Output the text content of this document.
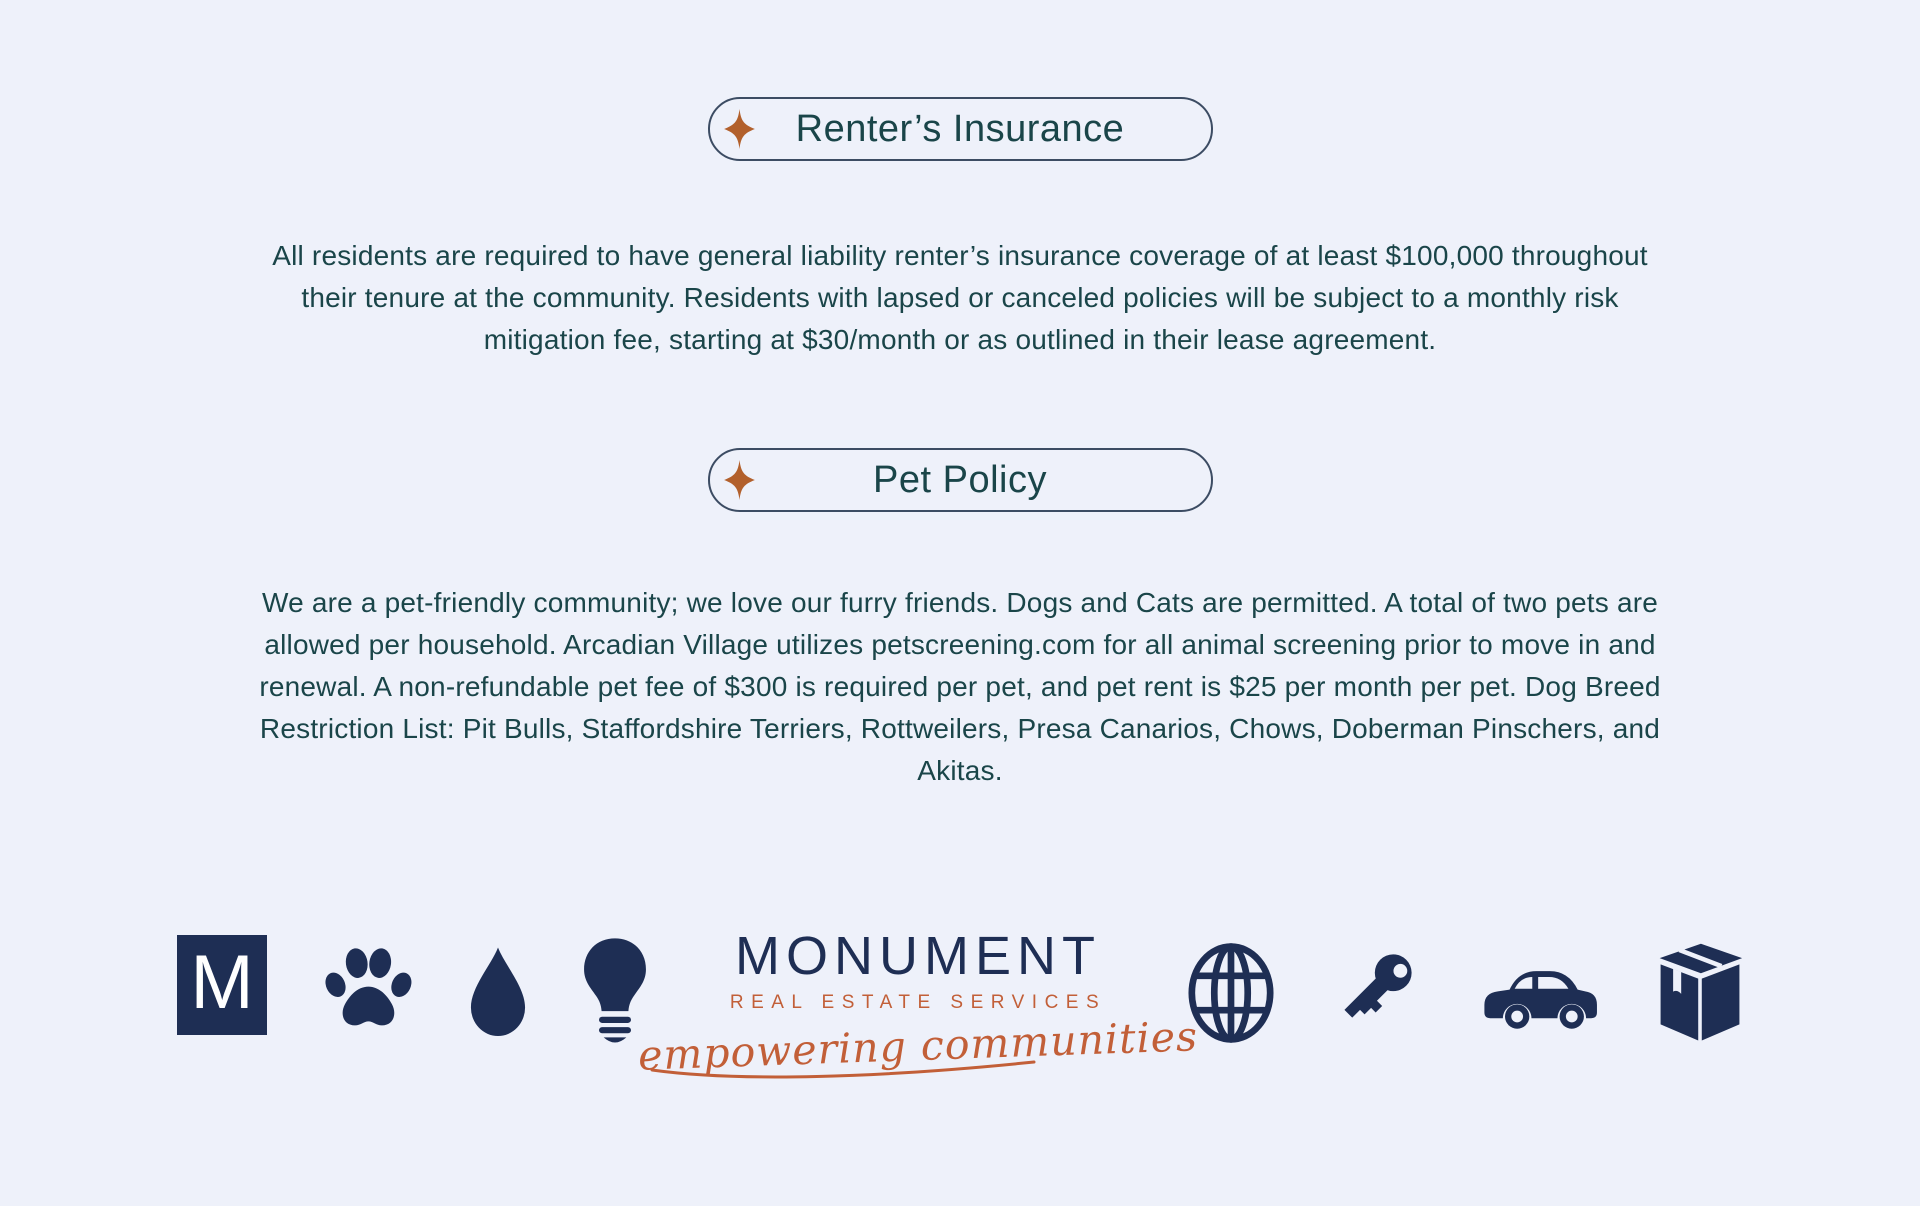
Renter’s Insurance

All residents are required to have general liability renter’s insurance coverage of at least $100,000 throughout their tenure at the community. Residents with lapsed or canceled policies will be subject to a monthly risk mitigation fee, starting at $30/month or as outlined in their lease agreement.

Pet Policy

We are a pet-friendly community; we love our furry friends. Dogs and Cats are permitted. A total of two pets are allowed per household. Arcadian Village utilizes petscreening.com for all animal screening prior to move in and renewal. A non-refundable pet fee of $300 is required per pet, and pet rent is $25 per month per pet. Dog Breed Restriction List: Pit Bulls, Staffordshire Terriers, Rottweilers, Presa Canarios, Chows, Doberman Pinschers, and Akitas.

M	MONUMENT
REAL ESTATE SERVICES
empowering communities
